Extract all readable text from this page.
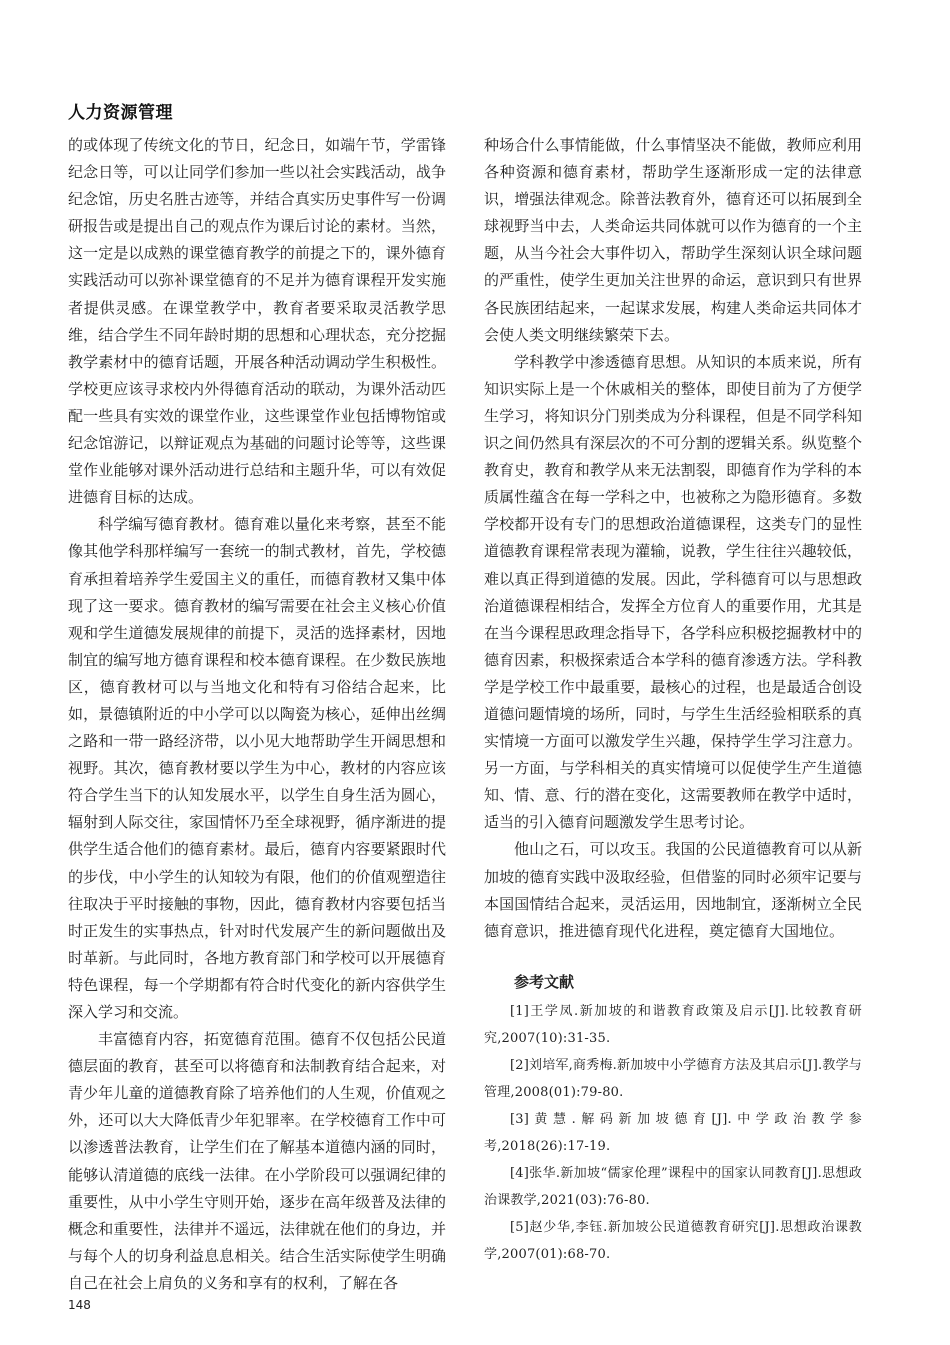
人力资源管理

的或体现了传统文化的节日，纪念日，如端午节，学雷锋纪念日等，可以让同学们参加一些以社会实践活动，战争纪念馆，历史名胜古迹等，并结合真实历史事件写一份调研报告或是提出自己的观点作为课后讨论的素材。当然，这一定是以成熟的课堂德育教学的前提之下的，课外德育实践活动可以弥补课堂德育的不足并为德育课程开发实施者提供灵感。在课堂教学中，教育者要采取灵活教学思维，结合学生不同年龄时期的思想和心理状态，充分挖掘教学素材中的德育话题，开展各种活动调动学生积极性。学校更应该寻求校内外得德育活动的联动，为课外活动匹配一些具有实效的课堂作业，这些课堂作业包括博物馆或纪念馆游记，以辩证观点为基础的问题讨论等等，这些课堂作业能够对课外活动进行总结和主题升华，可以有效促进德育目标的达成。

科学编写德育教材。德育难以量化来考察，甚至不能像其他学科那样编写一套统一的制式教材，首先，学校德育承担着培养学生爱国主义的重任，而德育教材又集中体现了这一要求。德育教材的编写需要在社会主义核心价值观和学生道德发展规律的前提下，灵活的选择素材，因地制宜的编写地方德育课程和校本德育课程。在少数民族地区，德育教材可以与当地文化和特有习俗结合起来，比如，景德镇附近的中小学可以以陶瓷为核心，延伸出丝绸之路和一带一路经济带，以小见大地帮助学生开阔思想和视野。其次，德育教材要以学生为中心，教材的内容应该符合学生当下的认知发展水平，以学生自身生活为圆心，辐射到人际交往，家国情怀乃至全球视野，循序渐进的提供学生适合他们的德育素材。最后，德育内容要紧跟时代的步伐，中小学生的认知较为有限，他们的价值观塑造往往取决于平时接触的事物，因此，德育教材内容要包括当时正发生的实事热点，针对时代发展产生的新问题做出及时革新。与此同时，各地方教育部门和学校可以开展德育特色课程，每一个学期都有符合时代变化的新内容供学生深入学习和交流。

丰富德育内容，拓宽德育范围。德育不仅包括公民道德层面的教育，甚至可以将德育和法制教育结合起来，对青少年儿童的道德教育除了培养他们的人生观，价值观之外，还可以大大降低青少年犯罪率。在学校德育工作中可以渗透普法教育，让学生们在了解基本道德内涵的同时，能够认清道德的底线一法律。在小学阶段可以强调纪律的重要性，从中小学生守则开始，逐步在高年级普及法律的概念和重要性，法律并不遥远，法律就在他们的身边，并与每个人的切身利益息息相关。结合生活实际使学生明确自己在社会上肩负的义务和享有的权利，了解在各

种场合什么事情能做，什么事情坚决不能做，教师应利用各种资源和德育素材，帮助学生逐渐形成一定的法律意识，增强法律观念。除普法教育外，德育还可以拓展到全球视野当中去，人类命运共同体就可以作为德育的一个主题，从当今社会大事件切入，帮助学生深刻认识全球问题的严重性，使学生更加关注世界的命运，意识到只有世界各民族团结起来，一起谋求发展，构建人类命运共同体才会使人类文明继续繁荣下去。

学科教学中渗透德育思想。从知识的本质来说，所有知识实际上是一个休戚相关的整体，即使目前为了方便学生学习，将知识分门别类成为分科课程，但是不同学科知识之间仍然具有深层次的不可分割的逻辑关系。纵览整个教育史，教育和教学从来无法割裂，即德育作为学科的本质属性蕴含在每一学科之中，也被称之为隐形德育。多数学校都开设有专门的思想政治道德课程，这类专门的显性道德教育课程常表现为灌输，说教，学生往往兴趣较低，难以真正得到道德的发展。因此，学科德育可以与思想政治道德课程相结合，发挥全方位育人的重要作用，尤其是在当今课程思政理念指导下，各学科应积极挖掘教材中的德育因素，积极探索适合本学科的德育渗透方法。学科教学是学校工作中最重要，最核心的过程，也是最适合创设道德问题情境的场所，同时，与学生生活经验相联系的真实情境一方面可以激发学生兴趣，保持学生学习注意力。另一方面，与学科相关的真实情境可以促使学生产生道德知、情、意、行的潜在变化，这需要教师在教学中适时，适当的引入德育问题激发学生思考讨论。

他山之石，可以攻玉。我国的公民道德教育可以从新加坡的德育实践中汲取经验，但借鉴的同时必须牢记要与本国国情结合起来，灵活运用，因地制宜，逐渐树立全民德育意识，推进德育现代化进程，奠定德育大国地位。

参考文献

[1]王学凤.新加坡的和谐教育政策及启示[J].比较教育研究,2007(10):31-35.

[2]刘培军,商秀梅.新加坡中小学德育方法及其启示[J].教学与管理,2008(01):79-80.

[3]黄慧.解码新加坡德育[J].中学政治教学参考,2018(26):17-19.

[4]张华.新加坡“儒家伦理”课程中的国家认同教育[J].思想政治课教学,2021(03):76-80.

[5]赵少华,李钰.新加坡公民道德教育研究[J].思想政治课教学,2007(01):68-70.

148
